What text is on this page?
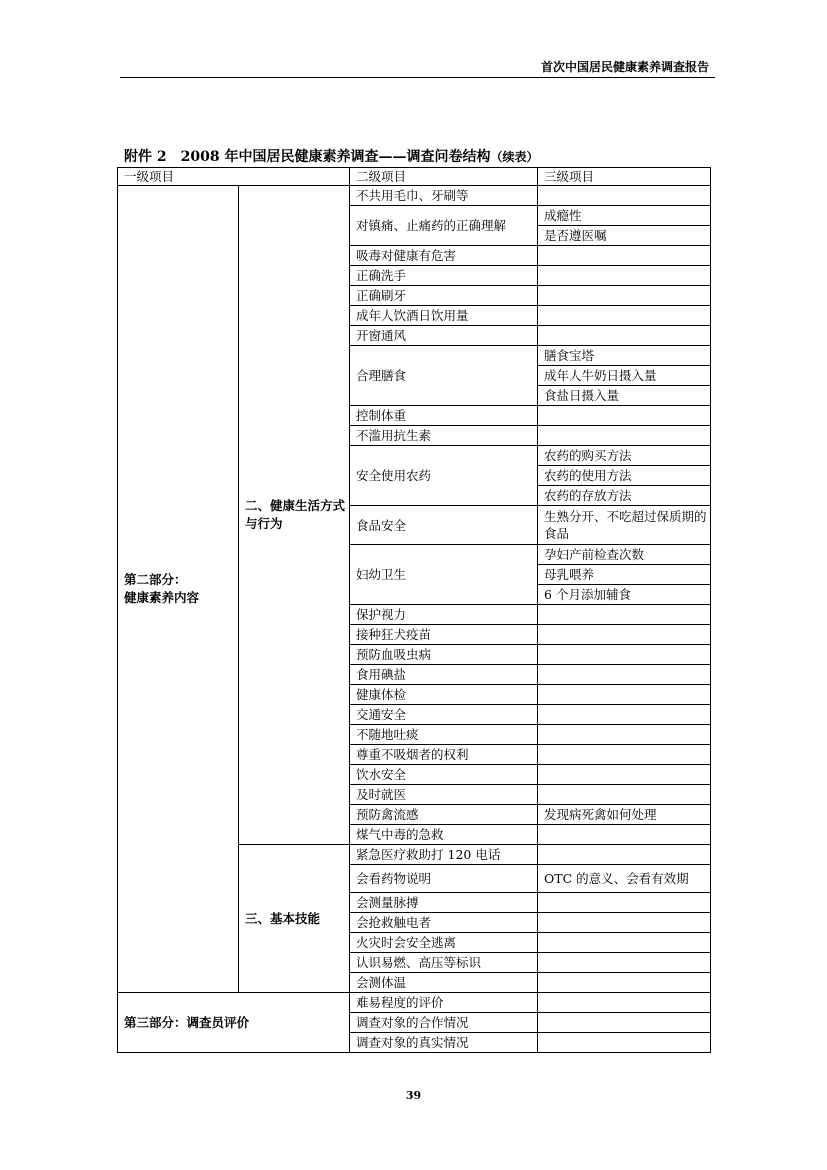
首次中国居民健康素养调查报告
附件 2　2008 年中国居民健康素养调查——调查问卷结构（续表）
一级项目		二级项目	三级项目
第二部分：
健康素养内容	二、健康生活方式与行为	不共用毛巾、牙刷等	
		对镇痛、止痛药的正确理解	成瘾性
			是否遵医嘱
		吸毒对健康有危害	
		正确洗手	
		正确刷牙	
		成年人饮酒日饮用量	
		开窗通风	
		合理膳食	膳食宝塔
			成年人牛奶日摄入量
			食盐日摄入量
		控制体重	
		不滥用抗生素	
		安全使用农药	农药的购买方法
			农药的使用方法
			农药的存放方法
		食品安全	生熟分开、不吃超过保质期的食品
		妇幼卫生	孕妇产前检查次数
			母乳喂养
			6 个月添加辅食
		保护视力	
		接种狂犬疫苗	
		预防血吸虫病	
		食用碘盐	
		健康体检	
		交通安全	
		不随地吐痰	
		尊重不吸烟者的权利	
		饮水安全	
		及时就医	
		预防禽流感	发现病死禽如何处理
		煤气中毒的急救	
	三、基本技能	紧急医疗救助打 120 电话	
		会看药物说明	OTC 的意义、会看有效期
		会测量脉搏	
		会抢救触电者	
		火灾时会安全逃离	
		认识易燃、高压等标识	
		会测体温	
第三部分：调查员评价		难易程度的评价	
		调查对象的合作情况	
		调查对象的真实情况	
39
